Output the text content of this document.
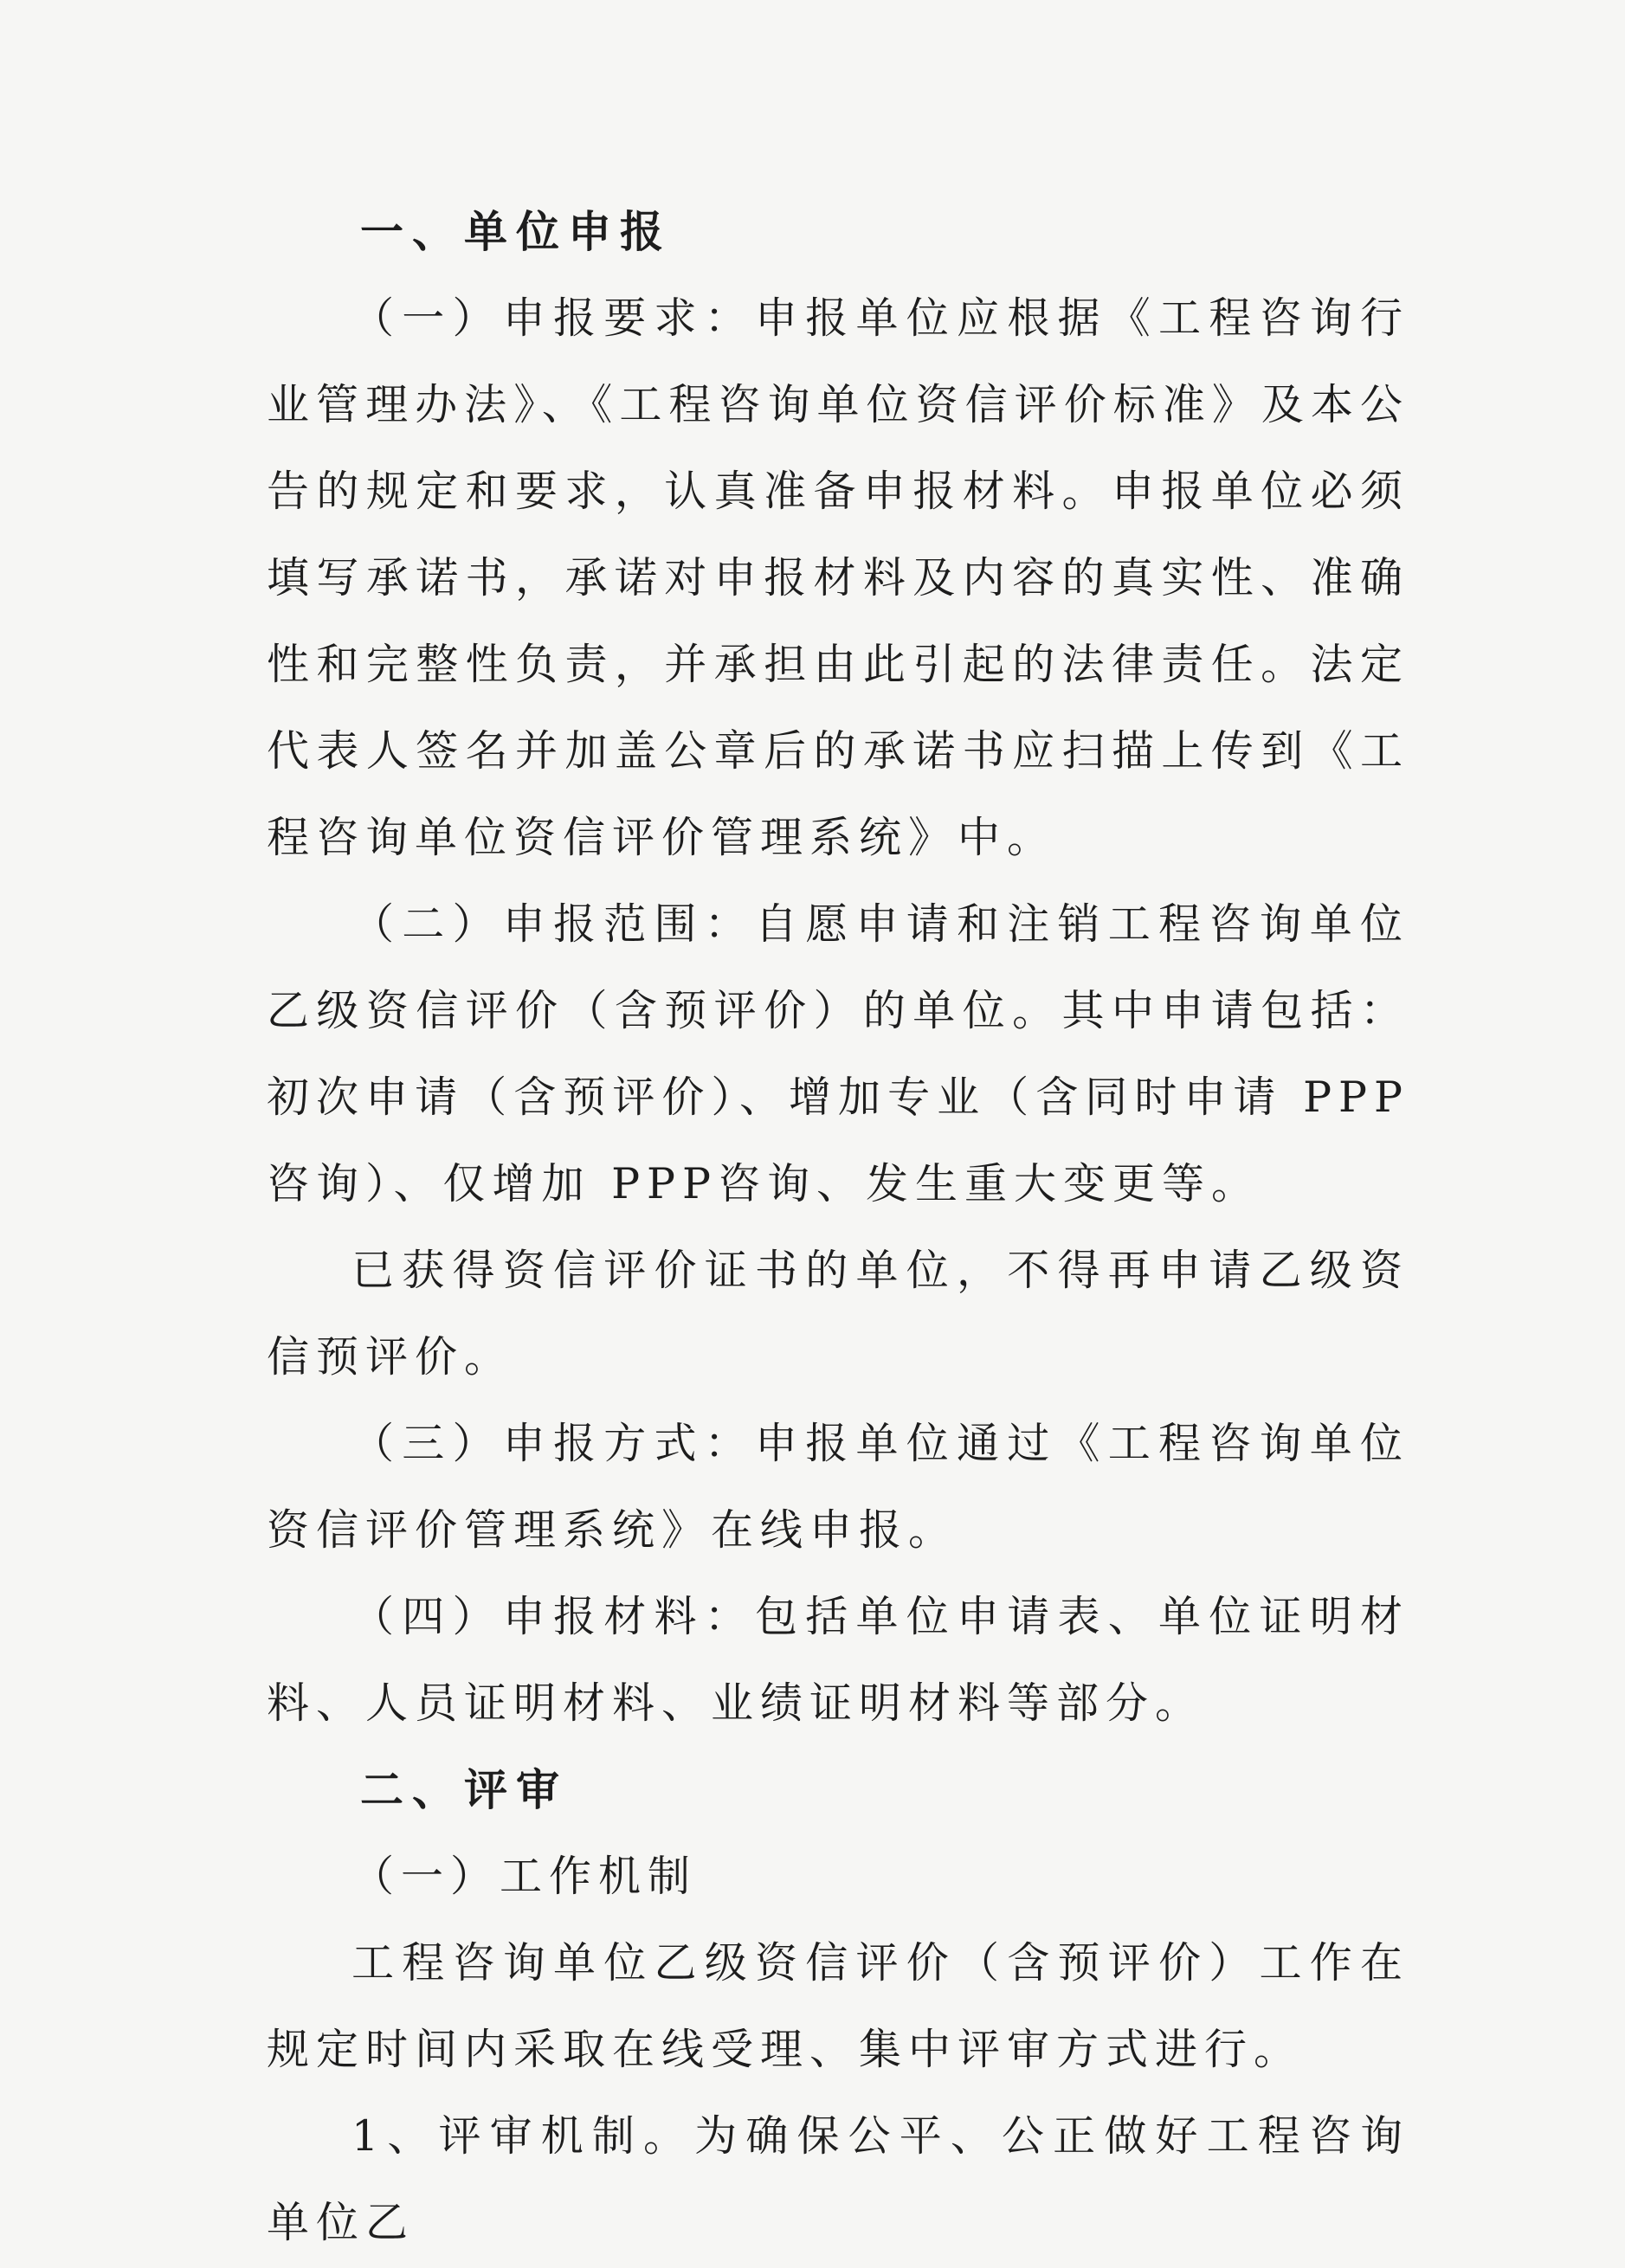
一、单位申报

（一）申报要求：申报单位应根据《工程咨询行业管理办法》、《工程咨询单位资信评价标准》及本公告的规定和要求，认真准备申报材料。申报单位必须填写承诺书，承诺对申报材料及内容的真实性、准确性和完整性负责，并承担由此引起的法律责任。法定代表人签名并加盖公章后的承诺书应扫描上传到《工程咨询单位资信评价管理系统》中。

（二）申报范围：自愿申请和注销工程咨询单位乙级资信评价（含预评价）的单位。其中申请包括：初次申请（含预评价）、增加专业（含同时申请 PPP 咨询）、仅增加 PPP咨询、发生重大变更等。

已获得资信评价证书的单位，不得再申请乙级资信预评价。

（三）申报方式：申报单位通过《工程咨询单位资信评价管理系统》在线申报。

（四）申报材料：包括单位申请表、单位证明材料、人员证明材料、业绩证明材料等部分。

二、评审

（一）工作机制

工程咨询单位乙级资信评价（含预评价）工作在规定时间内采取在线受理、集中评审方式进行。

1、评审机制。为确保公平、公正做好工程咨询单位乙
